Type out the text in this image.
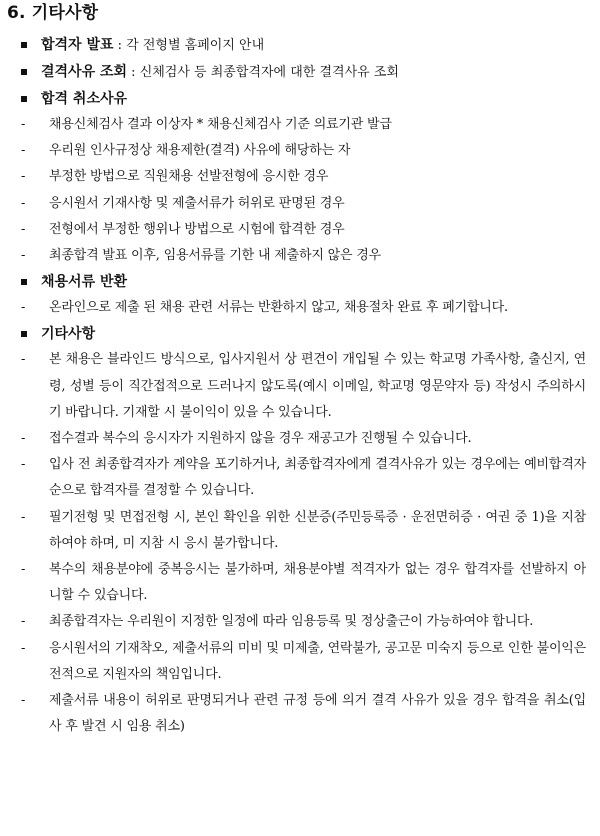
6. 기타사항
합격자 발표 : 각 전형별 홈페이지 안내
결격사유 조회 : 신체검사 등 최종합격자에 대한 결격사유 조회
합격 취소사유
- 채용신체검사 결과 이상자 * 채용신체검사 기준 의료기관 발급
- 우리원 인사규정상 채용제한(결격) 사유에 해당하는 자
- 부정한 방법으로 직원채용 선발전형에 응시한 경우
- 응시원서 기재사항 및 제출서류가 허위로 판명된 경우
- 전형에서 부정한 행위나 방법으로 시험에 합격한 경우
- 최종합격 발표 이후, 임용서류를 기한 내 제출하지 않은 경우
채용서류 반환
- 온라인으로 제출 된 채용 관련 서류는 반환하지 않고, 채용절차 완료 후 폐기합니다.
기타사항
- 본 채용은 블라인드 방식으로, 입사지원서 상 편견이 개입될 수 있는 학교명 가족사항, 출신지, 연령, 성별 등이 직간접적으로 드러나지 않도록(예시 이메일, 학교명 영문약자 등) 작성시 주의하시기 바랍니다. 기재할 시 불이익이 있을 수 있습니다.
- 접수결과 복수의 응시자가 지원하지 않을 경우 재공고가 진행될 수 있습니다.
- 입사 전 최종합격자가 계약을 포기하거나, 최종합격자에게 결격사유가 있는 경우에는 예비합격자 순으로 합격자를 결정할 수 있습니다.
- 필기전형 및 면접전형 시, 본인 확인을 위한 신분증(주민등록증 · 운전면허증 · 여권 중 1)을 지참 하여야 하며, 미 지참 시 응시 불가합니다.
- 복수의 채용분야에 중복응시는 불가하며, 채용분야별 적격자가 없는 경우 합격자를 선발하지 아니할 수 있습니다.
- 최종합격자는 우리원이 지정한 일정에 따라 임용등록 및 정상출근이 가능하여야 합니다.
- 응시원서의 기재착오, 제출서류의 미비 및 미제출, 연락불가, 공고문 미숙지 등으로 인한 불이익은 전적으로 지원자의 책임입니다.
- 제출서류 내용이 허위로 판명되거나 관련 규정 등에 의거 결격 사유가 있을 경우 합격을 취소(입사 후 발견 시 임용 취소)
